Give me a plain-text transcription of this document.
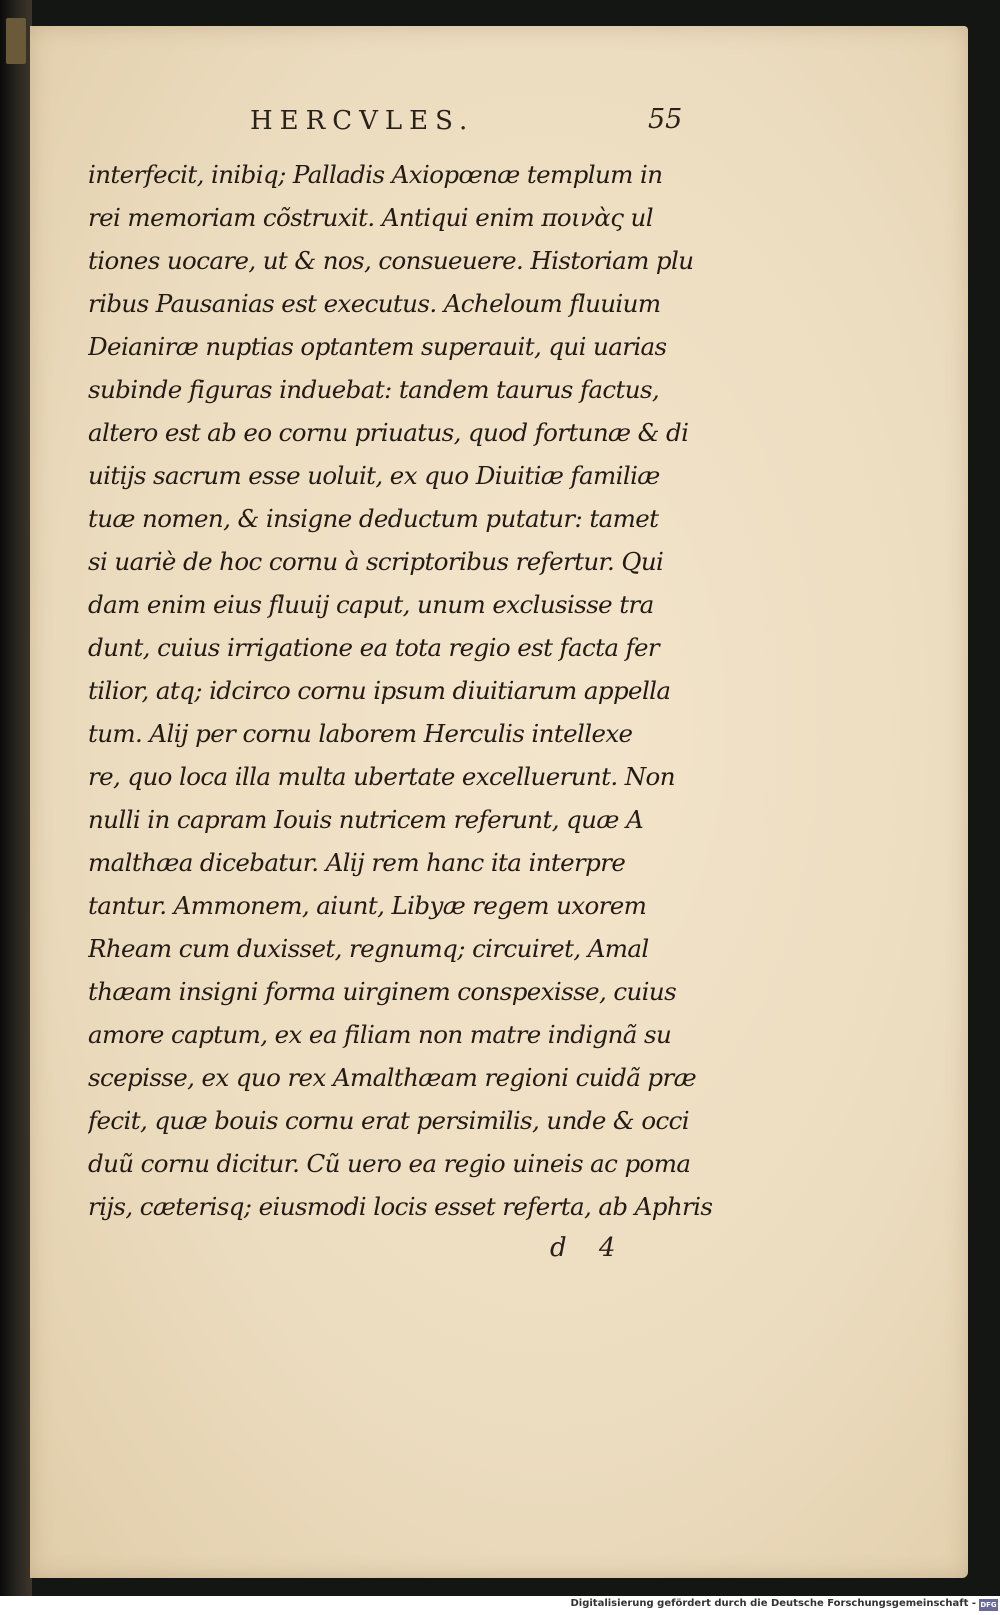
HERCVLES.	55
interfecit, inibiq; Palladis Axiopœnæ templum in
rei memoriam cõstruxit. Antiqui enim ποινὰς ul
tiones uocare, ut & nos, consueuere. Historiam plu
ribus Pausanias est executus. Acheloum fluuium
Deianiræ nuptias optantem superauit, qui uarias
subinde figuras induebat: tandem taurus factus,
altero est ab eo cornu priuatus, quod fortunæ & di
uitijs sacrum esse uoluit, ex quo Diuitiæ familiæ
tuæ nomen, & insigne deductum putatur: tamet
si uariè de hoc cornu à scriptoribus refertur. Qui
dam enim eius fluuij caput, unum exclusisse tra
dunt, cuius irrigatione ea tota regio est facta fer
tilior, atq; idcirco cornu ipsum diuitiarum appella
tum. Alij per cornu laborem Herculis intellexe
re, quo loca illa multa ubertate excelluerunt. Non
nulli in capram Iouis nutricem referunt, quæ A
malthæa dicebatur. Alij rem hanc ita interpre
tantur. Ammonem, aiunt, Libyæ regem uxorem
Rheam cum duxisset, regnumq; circuiret, Amal
thæam insigni forma uirginem conspexisse, cuius
amore captum, ex ea filiam non matre indignã su
scepisse, ex quo rex Amalthæam regioni cuidã præ
fecit, quæ bouis cornu erat persimilis, unde & occi
duũ cornu dicitur. Cũ uero ea regio uineis ac poma
rijs, cæterisq; eiusmodi locis esset referta, ab Aphris
d 4
Digitalisierung gefördert durch die Deutsche Forschungsgemeinschaft - DFG
